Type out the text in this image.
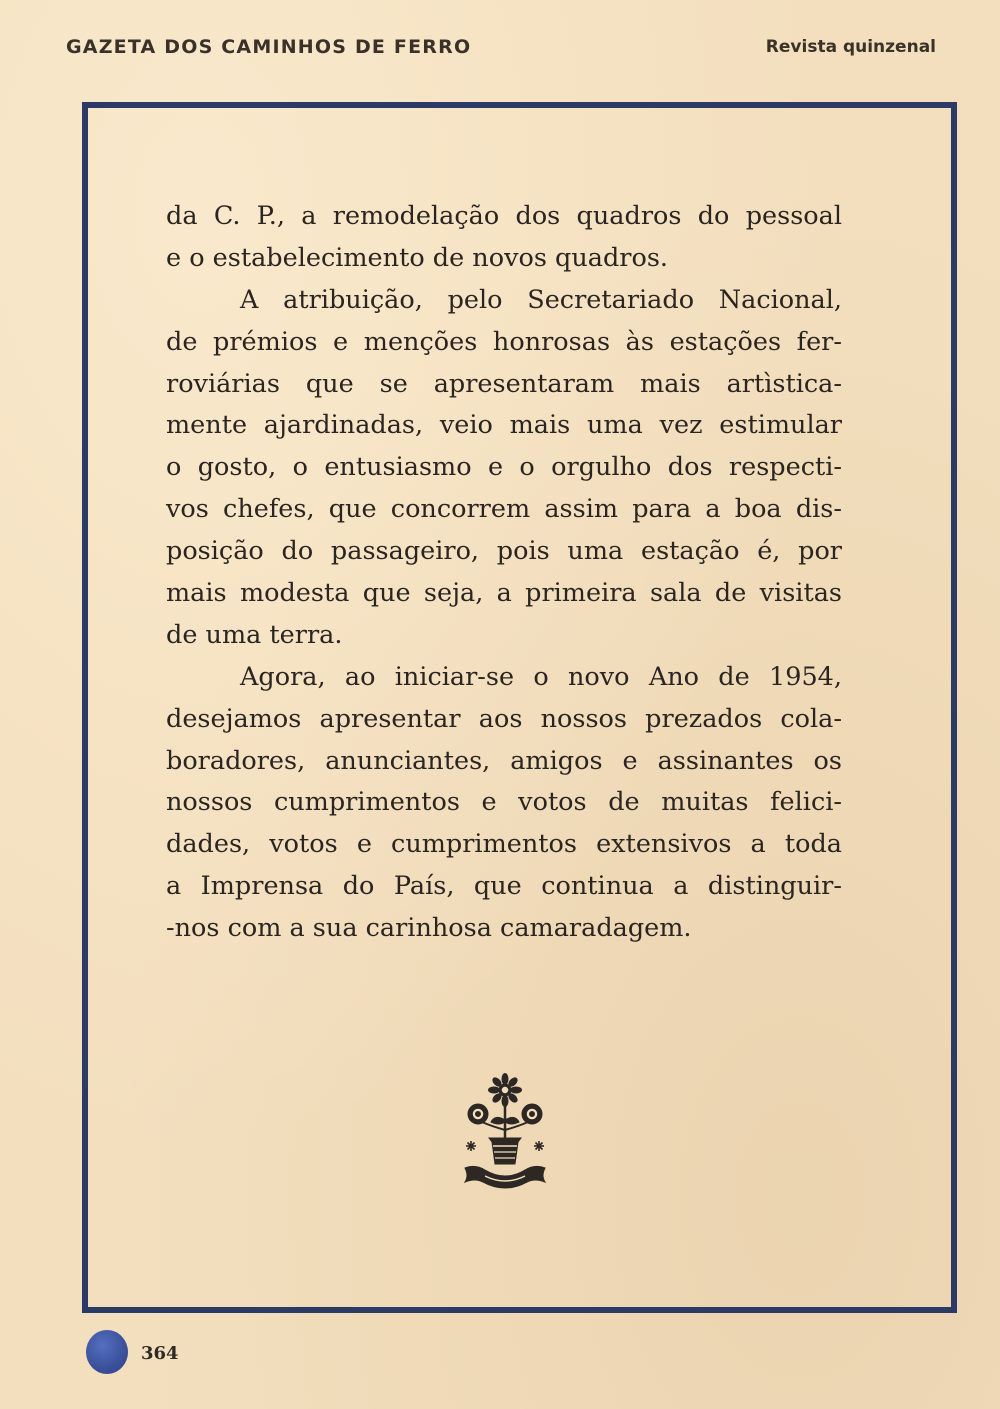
GAZETA DOS CAMINHOS DE FERRO	Revista quinzenal
da C. P., a remodelação dos quadros do pessoal
e o estabelecimento de novos quadros.
A atribuição, pelo Secretariado Nacional,
de prémios e menções honrosas às estações fer-
roviárias que se apresentaram mais artìstica-
mente ajardinadas, veio mais uma vez estimular
o gosto, o entusiasmo e o orgulho dos respecti-
vos chefes, que concorrem assim para a boa dis-
posição do passageiro, pois uma estação é, por
mais modesta que seja, a primeira sala de visitas
de uma terra.
Agora, ao iniciar-se o novo Ano de 1954,
desejamos apresentar aos nossos prezados cola-
boradores, anunciantes, amigos e assinantes os
nossos cumprimentos e votos de muitas felici-
dades, votos e cumprimentos extensivos a toda
a Imprensa do País, que continua a distinguir-
-nos com a sua carinhosa camaradagem.
364
